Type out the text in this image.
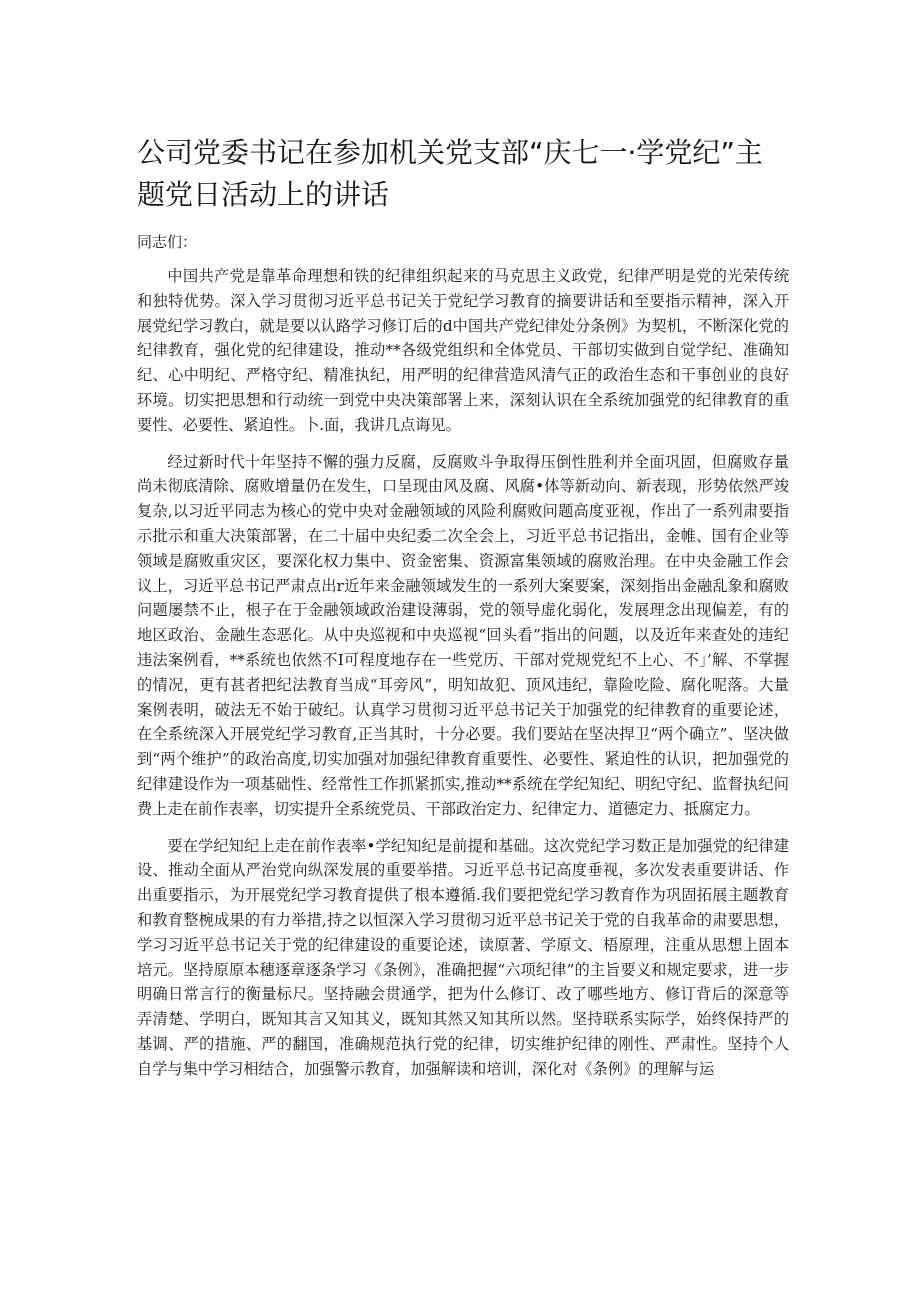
公司党委书记在参加机关党支部“庆七一·学党纪”主题党日活动上的讲话

同志们：

中国共产党是靠革命理想和铁的纪律组织起来的马克思主义政党，纪律严明是党的光荣传统和独特优势。深入学习贯彻习近平总书记关于党纪学习教育的摘要讲话和至要指示精神，深入开展党纪学习教白，就是要以认路学习修订后的d中国共产党纪律处分条例》为契机，不断深化党的纪律教育，强化党的纪律建设，推动**各级党组织和全体党员、干部切实做到自觉学纪、准确知纪、心中明纪、严格守纪、精准执纪，用严明的纪律营造风清气正的政治生态和干事创业的良好环境。切实把思想和行动统一到党中央决策部署上来，深刻认识在全系统加强党的纪律教育的重要性、必要性、紧迫性。卜.面，我讲几点诲见。

经过新时代十年坚持不懈的强力反腐，反腐败斗争取得压倒性胜利并全面巩固，但腐败存量尚未彻底清除、腐败增量仍在发生，口呈现由风及腐、风腐•体等新动向、新表现，形势依然严竣复杂,以习近平同志为核心的党中央对金融领域的风险利腐败问题高度亚视，作出了一系列肃要指示批示和重大决策部署，在二十届中央纪委二次全会上，习近平总书记指出，金帷、国有企业等领域是腐败重灾区，要深化权力集中、资金密集、资源富集领域的腐败治理。在中央金融工作会议上，习近平总书记严肃点出r近年来金融领域发生的一系列大案要案，深刻指出金融乱象和腐败问题屡禁不止，根子在于金融领域政治建设薄弱，党的领导虚化弱化，发展理念出现偏差，有的地区政治、金融生态恶化。从中央巡视和中央巡视“回头看”指出的问题，以及近年来查处的违纪违法案例看，**系统也依然不I可程度地存在一些党历、干部对党规党纪不上心、不」’解、不掌握的情况，更有甚者把纪法教育当成“耳旁风”，明知故犯、顶风违纪，靠险吃险、腐化呢落。大量案例表明，破法无不始于破纪。认真学习贯彻习近平总书记关于加强党的纪律教育的重要论述，在全系统深入开展党纪学习教育,正当其时，十分必要。我们要站在坚决捍卫“两个确立”、坚决做到“两个维护”的政治高度,切实加强对加强纪律教育重要性、必要性、紧迫性的认识，把加强党的纪律建设作为一项基础性、经常性工作抓紧抓实,推动**系统在学纪知纪、明纪守纪、监督执纪问费上走在前作表率，切实提升全系统党员、干部政治定力、纪律定力、道德定力、抵腐定力。

要在学纪知纪上走在前作表率•学纪知纪是前提和基础。这次党纪学习数正是加强党的纪律建设、推动全面从严治党向纵深发展的重要举措。习近平总书记高度垂视，多次发表重要讲话、作出重要指示，为开展党纪学习教育提供了根本遵循.我们要把党纪学习教育作为巩固拓展主题教育和教育整椀成果的有力举措,持之以恒深入学习贯彻习近平总书记关于党的自我革命的肃要思想，学习习近平总书记关于党的纪律建设的重要论述，读原著、学原文、梧原理，注重从思想上固本培元。坚持原原本穗逐章逐条学习《条例》，准确把握“六项纪律”的主旨要义和规定要求，进一步明确日常言行的衡量标尺。坚持融会贯通学，把为什么修订、改了哪些地方、修订背后的深意等弄清楚、学明白，既知其言又知其义，既知其然又知其所以然。坚持联系实际学，始终保持严的基调、严的措施、严的翻国，准确规范执行党的纪律，切实维护纪律的刚性、严肃性。坚持个人自学与集中学习相结合，加强警示教育，加强解读和培训，深化对《条例》的理解与运
